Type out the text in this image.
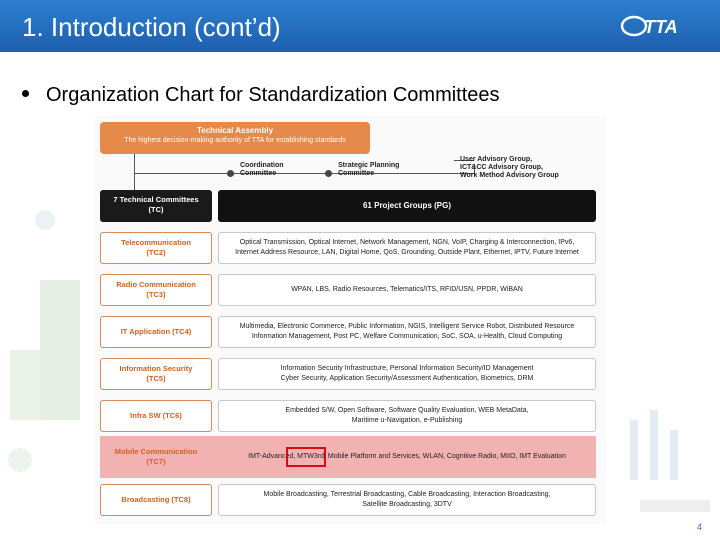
1. Introduction (cont’d)	TTA
Organization Chart for Standardization Committees
Technical Assembly
The highest decision-making authority of TTA for establishing standards
Coordination Committee
Strategic Planning Committee
User Advisory Group,
ICT&CC Advisory Group,
Work Method Advisory Group
7 Technical Committees
(TC)	61 Project Groups (PG)
Telecommunication
(TC2)
Optical Transmission, Optical Internet, Network Management, NGN, VoIP, Charging & Interconnection, IPv6,
Internet Address Resource, LAN, Digital Home, QoS, Grounding, Outside Plant, Ethernet, IPTV, Future Internet
Radio Communication
(TC3)
WPAN, LBS, Radio Resources, Telematics/ITS, RFID/USN, PPDR, WiBAN
IT Application (TC4)
Multimedia, Electronic Commerce, Public Information, NGIS, Intelligent Service Robot, Distributed Resource
Information Management, Post PC, Welfare Communication, SoC, SOA, u-Health, Cloud Computing
Information Security
(TC5)
Information Security Infrastructure, Personal Information Security/ID Management
Cyber Security, Application Security/Assessment Authentication, Biometrics, DRM
Infra SW (TC6)
Embedded S/W, Open Software, Software Quality Evaluation, WEB MetaData,
Maritime u-Navigation, e-Publishing
Mobile Communication
(TC7)
IMT-Advanced, MTW3rd, Mobile Platform and Services, WLAN, Cognitive Radio, MIIO, IMT Evaluation
Broadcasting (TC8)
Mobile Broadcasting, Terrestrial Broadcasting, Cable Broadcasting, Interaction Broadcasting,
Satellite Broadcasting, 3DTV
4
